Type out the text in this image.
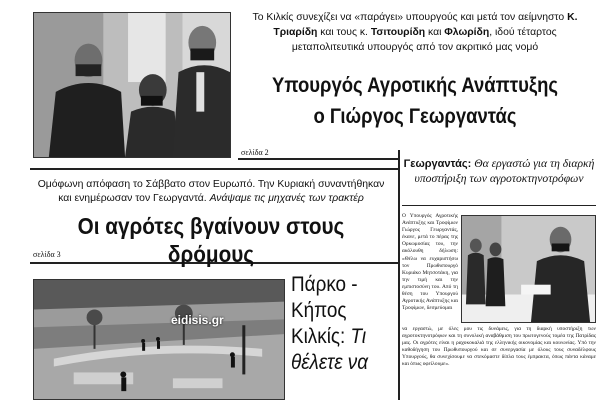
Το Κιλκίς συνεχίζει να «παράγει» υπουργούς και μετά τον αείμνηστο Κ. Τριαρίδη και τους κ. Τσιτουρίδη και Φλωρίδη, ιδού τέταρτος μεταπολιτευτικά υπουργός από τον ακριτικό μας νομό
Υπουργός Αγροτικής Ανάπτυξης
ο Γιώργος Γεωργαντάς
σελίδα 2
Ομόφωνη απόφαση το Σάββατο στον Ευρωπό. Την Κυριακή συναντήθηκαν και ενημέρωσαν τον Γεωργαντά. Ανάψαμε τις μηχανές των τρακτέρ
Οι αγρότες βγαίνουν στους δρόμους
σελίδα 3
Γεωργαντάς: Θα εργαστώ για τη διαρκή υποστήριξη των αγροτοκτηνοτρόφων
Ο Υπουργός Αγροτικής Ανάπτυξης και Τροφίμων Γιώργος Γεωργαντάς, έκανε, μετά το πέρας της Ορκωμοσίας του, την ακόλουθη δήλωση: «Θέλω να ευχαριστήσω τον Πρωθυπουργό Κυριάκο Μητσοτάκη, για την τιμή και την εμπιστοσύνη του. Από τη θέση του Υπουργού Αγροτικής Ανάπτυξης και Τροφίμων, δεσμεύομαι
να εργαστώ, με όλες μου τις δυνάμεις, για τη διαρκή υποστήριξη των αγροτοκτηνοτρόφων και τη συνολική αναβάθμιση του πρωτογενούς τομέα της Πατρίδας μας. Οι αγρότες είναι η ραχοκοκαλιά της ελληνικής οικονομίας και κοινωνίας. Υπό την καθοδήγηση του Πρωθυπουργού και σε συνεργασία με όλους τους συναδέλφους Υπουργούς, θα συνεχίσουμε να στεκόμαστε δίπλα τους έμπρακτα, όπως πάντα κάναμε και όπως οφείλουμε».
eidisis.gr
Πάρκο - Κήπος Κιλκίς: Τι θέλετε να
